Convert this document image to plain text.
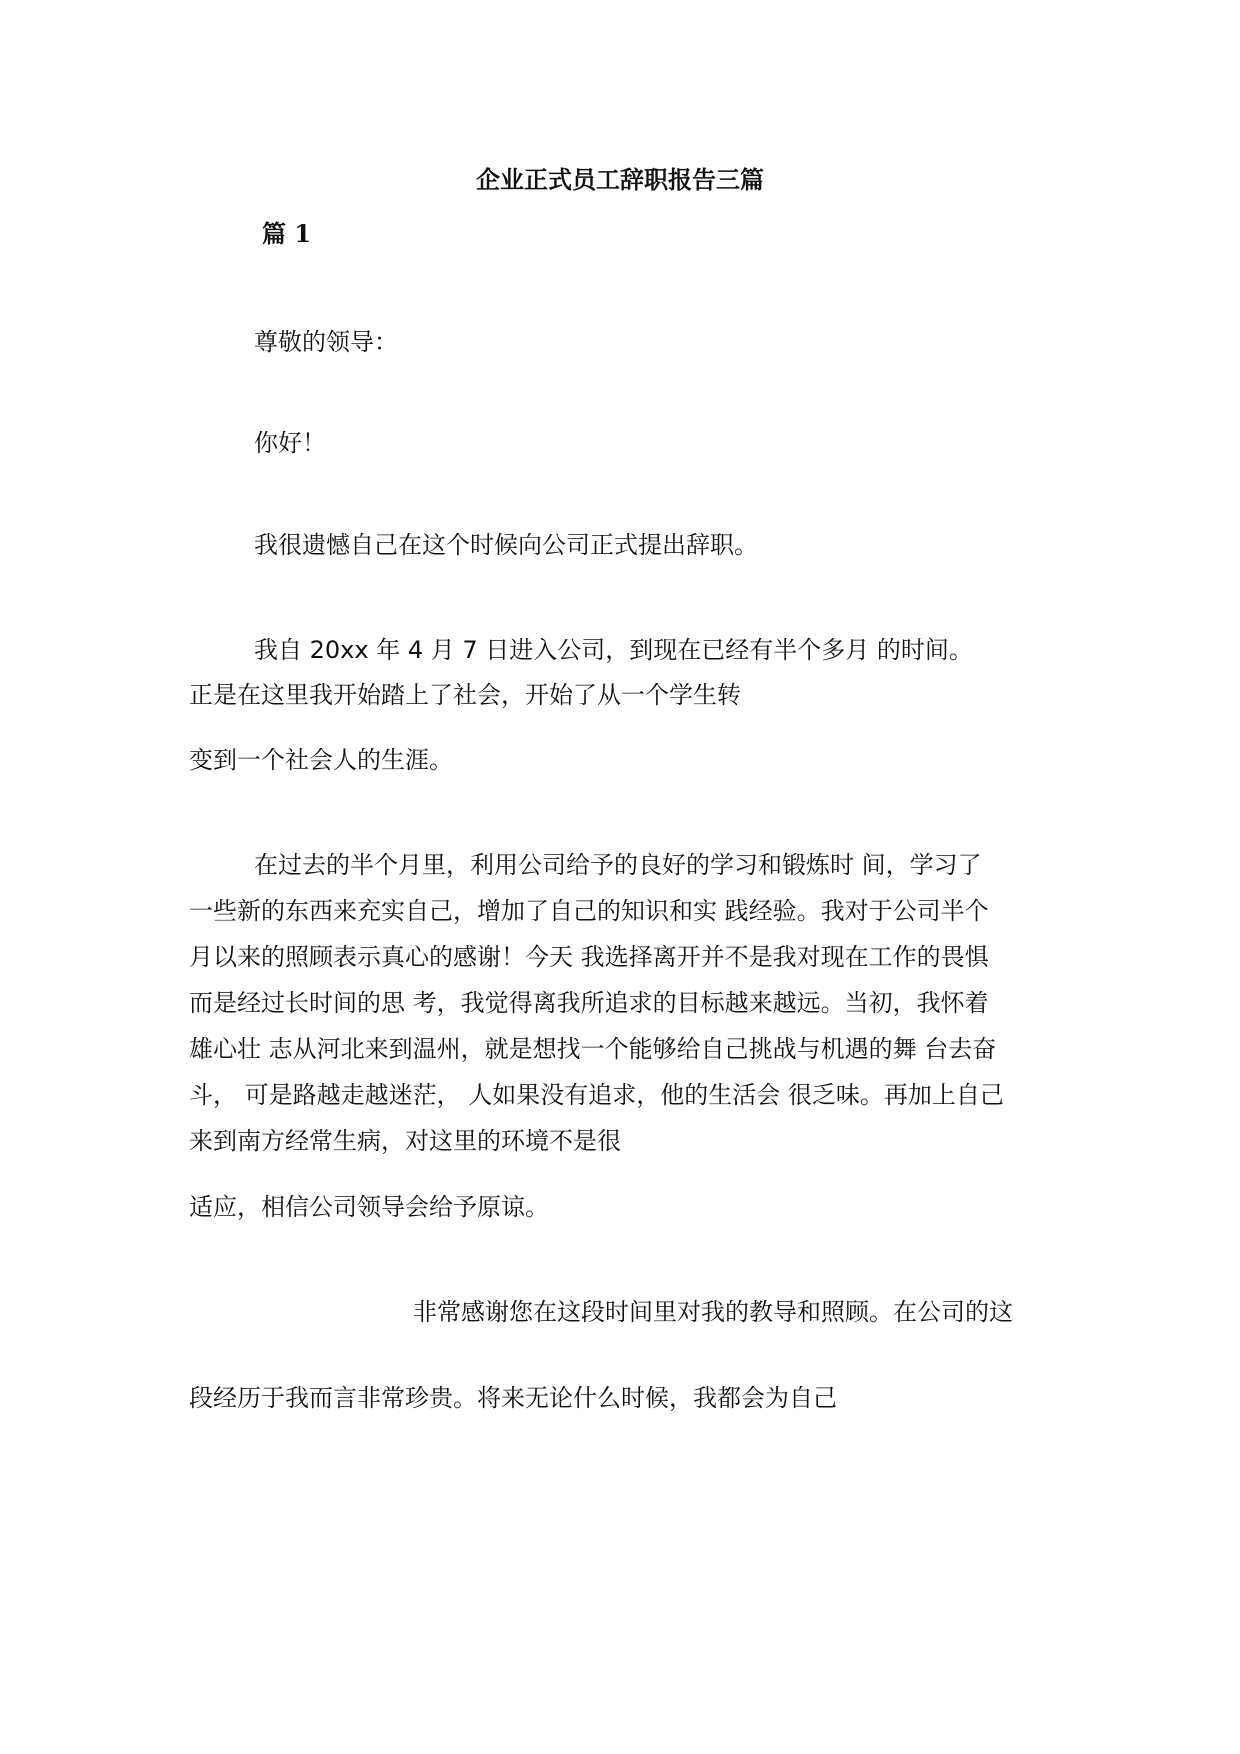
企业正式员工辞职报告三篇
篇 1
尊敬的领导：
你好！
我很遗憾自己在这个时候向公司正式提出辞职。
我自 20xx 年 4 月 7 日进入公司，到现在已经有半个多月 的时间。
正是在这里我开始踏上了社会，开始了从一个学生转
变到一个社会人的生涯。
在过去的半个月里，利用公司给予的良好的学习和锻炼时 间，学习了
一些新的东西来充实自己，增加了自己的知识和实 践经验。我对于公司半个
月以来的照顾表示真心的感谢！今天 我选择离开并不是我对现在工作的畏惧
而是经过长时间的思 考，我觉得离我所追求的目标越来越远。当初，我怀着
雄心壮 志从河北来到温州，就是想找一个能够给自己挑战与机遇的舞 台去奋
斗， 可是路越走越迷茫， 人如果没有追求，他的生活会 很乏味。再加上自己
来到南方经常生病，对这里的环境不是很
适应，相信公司领导会给予原谅。
非常感谢您在这段时间里对我的教导和照顾。在公司的这
段经历于我而言非常珍贵。将来无论什么时候，我都会为自己
